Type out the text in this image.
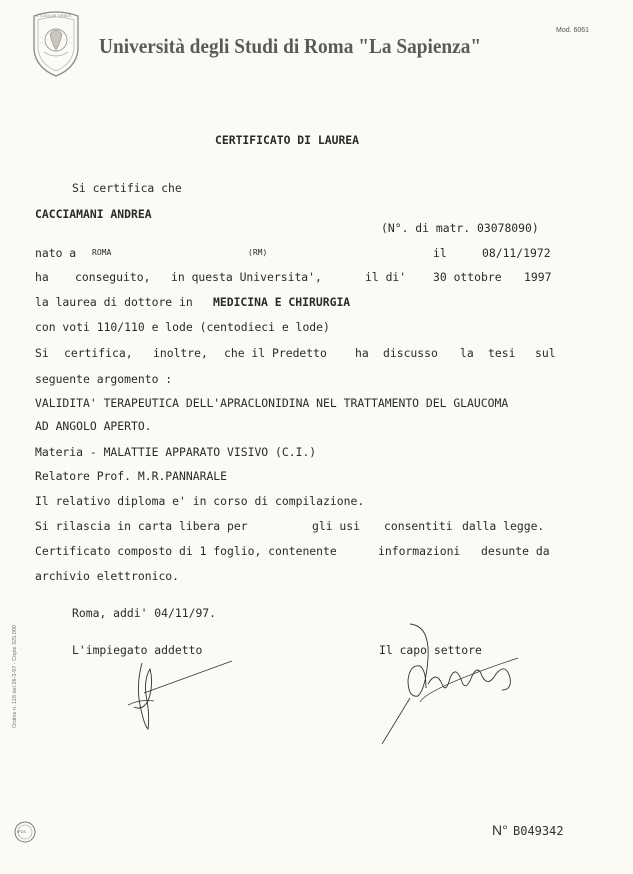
STUDIUM URBIS
Università degli Studi di Roma "La Sapienza"
Mod. 6061
CERTIFICATO DI LAUREA
Si certifica che
CACCIAMANI ANDREA
(N°. di matr. 03078090)
nato a ROMA	(RM)	il	08/11/1972
ha conseguito, in questa Universita',	il di' 30 ottobre 1997
la laurea di dottore in MEDICINA E CHIRURGIA
con voti 110/110 e lode (centodieci e lode)
Si certifica, inoltre, che il Predetto ha discusso la tesi sul
seguente argomento :
VALIDITA' TERAPEUTICA DELL'APRACLONIDINA NEL TRATTAMENTO DEL GLAUCOMA
AD ANGOLO APERTO.
Materia - MALATTIE APPARATO VISIVO (C.I.)
Relatore Prof. M.R.PANNARALE
Il relativo diploma e' in corso di compilazione.
Si rilascia in carta libera per	gli usi consentiti dalla legge.
Certificato composto di 1 foglio, contenente	informazioni desunte da
archivio elettronico.
Roma, addi' 04/11/97.
L'impiegato addetto	Il capo settore
Ordine n. 118 del 26-3-97 - Copie 325.000
IPZS	N° B049342
